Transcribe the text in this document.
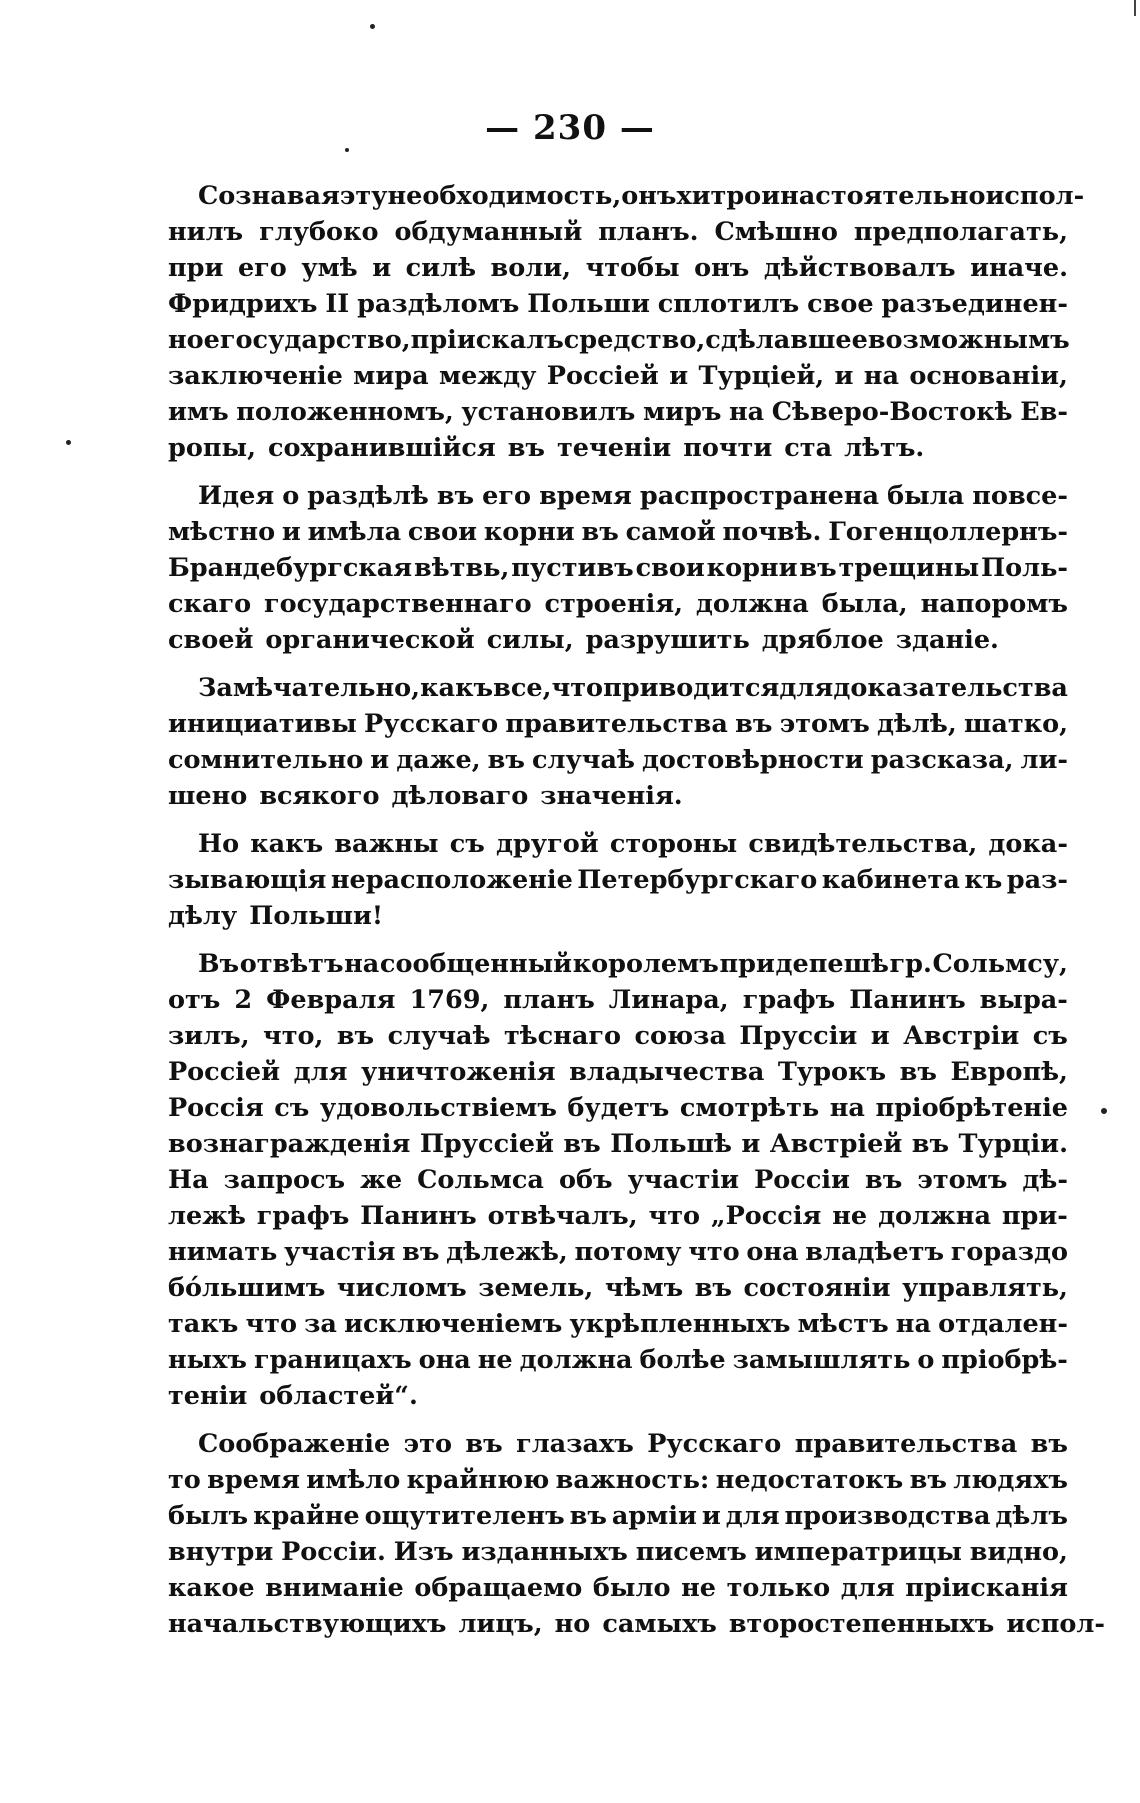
— 230 —
Сознавая эту необходимость, онъ хитро и настоятельно испол-
нилъ глубоко обдуманный планъ. Смѣшно предполагать,
при его умѣ и силѣ воли, чтобы онъ дѣйствовалъ иначе.
Фридрихъ II раздѣломъ Польши сплотилъ свое разъединен-
ное государство, прiискалъ средство, сдѣлавшее возможнымъ
заключенiе мира между Россiей и Турцiей, и на основанiи,
имъ положенномъ, установилъ миръ на Сѣверо-Востокѣ Ев-
ропы, сохранившiйся въ теченiи почти ста лѣтъ.
Идея о раздѣлѣ въ его время распространена была повсе-
мѣстно и имѣла свои корни въ самой почвѣ. Гогенцоллернъ-
Брандебургская вѣтвь, пустивъ свои корни въ трещины Поль-
скаго государственнаго строенiя, должна была, напоромъ
своей органической силы, разрушить дряблое зданiе.
Замѣчательно, какъ все, что приводится для доказательства
инициативы Русскаго правительства въ этомъ дѣлѣ, шатко,
сомнительно и даже, въ случаѣ достовѣрности разсказа, ли-
шено всякого дѣловаго значенiя.
Но какъ важны съ другой стороны свидѣтельства, дока-
зывающiя нерасположенiе Петербургскаго кабинета къ раз-
дѣлу Польши!
Въ отвѣтъ на сообщенный королемъ при депешѣ гр. Сольмсу,
отъ 2 Февраля 1769, планъ Линара, графъ Панинъ выра-
зилъ, что, въ случаѣ тѣснаго союза Пруссiи и Австрiи съ
Россiей для уничтоженiя владычества Турокъ въ Европѣ,
Россiя съ удовольствiемъ будетъ смотрѣть на прiобрѣтенiе
вознагражденiя Пруссiей въ Польшѣ и Австрiей въ Турцiи.
На запросъ же Сольмса объ участiи Россiи въ этомъ дѣ-
лежѣ графъ Панинъ отвѣчалъ, что „Россiя не должна при-
нимать участiя въ дѣлежѣ, потому что она владѣетъ гораздо
бо́льшимъ числомъ земель, чѣмъ въ состоянiи управлять,
такъ что за исключенiемъ укрѣпленныхъ мѣстъ на отдален-
ныхъ границахъ она не должна болѣе замышлять о прiобрѣ-
тенiи областей“.
Соображенiе это въ глазахъ Русскаго правительства въ
то время имѣло крайнюю важность: недостатокъ въ людяхъ
былъ крайне ощутителенъ въ армiи и для производства дѣлъ
внутри Россiи. Изъ изданныхъ писемъ императрицы видно,
какое вниманiе обращаемо было не только для прiисканiя
начальствующихъ лицъ, но самыхъ второстепенныхъ испол-
